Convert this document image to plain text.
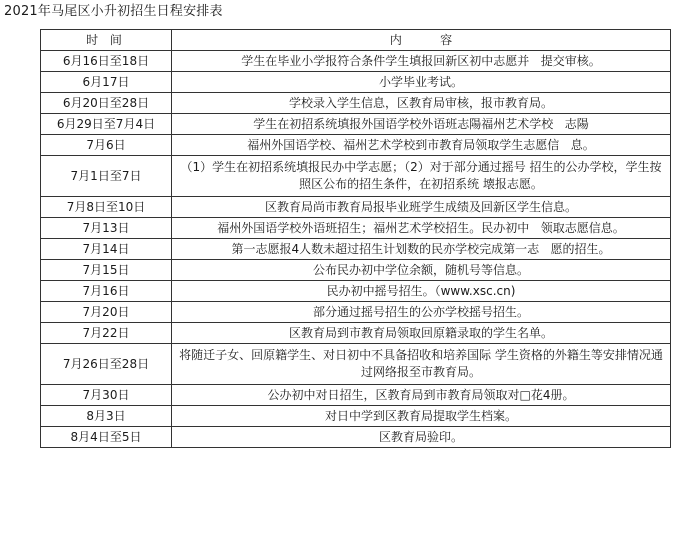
2021年马尾区小升初招生日程安排表
时 间	内          容
6月16日至18日	学生在毕业小学报符合条件学生填报回新区初中志愿并   提交审核。
6月17日	小学毕业考试。
6月20日至28日	学校录入学生信息，区教育局审核，报市教育局。
6月29日至7月4日	学生在初招系统填报外国语学校外语班志陽福州艺术学校   志陽
7月6日	福州外国语学校、福州艺术学校到市教育局领取学生志愿信   息。
7月1日至7日	（1）学生在初招系统填报民办中学志愿；（2）对于部分通过摇号 招生的公办学校，学生按照区公布的招生条件，在初招系统 壊报志愿。
7月8日至10日	区教育局尚市教育局报毕业班学生成绩及回新区学生信息。
7月13日	福州外国语学校外语班招生；福州艺术学校招生。民办初中   领取志愿信息。
7月14日	第一志愿报4人数未超过招生计划数的民亦学校完成第一志   愿的招生。
7月15日	公布民办初中学位余额，随机号等信息。
7月16日	民办初中摇号招生。（www.xsc.cn)
7月20日	部分通过摇号招生的公亦学校摇号招生。
7月22日	区教育局到市教育局领取回原籍录取的学生名单。
7月26日至28日	将随迁子女、回原籍学生、对日初中不具备招收和培养国际 学生资格的外籍生等安排情况通过网络报至市教育局。
7月30日	公办初中对日招生，区教育局到市教育局领取对□花4册。
8月3日	对日中学到区教育局提取学生档案。
8月4日至5日	区教育局验印。
